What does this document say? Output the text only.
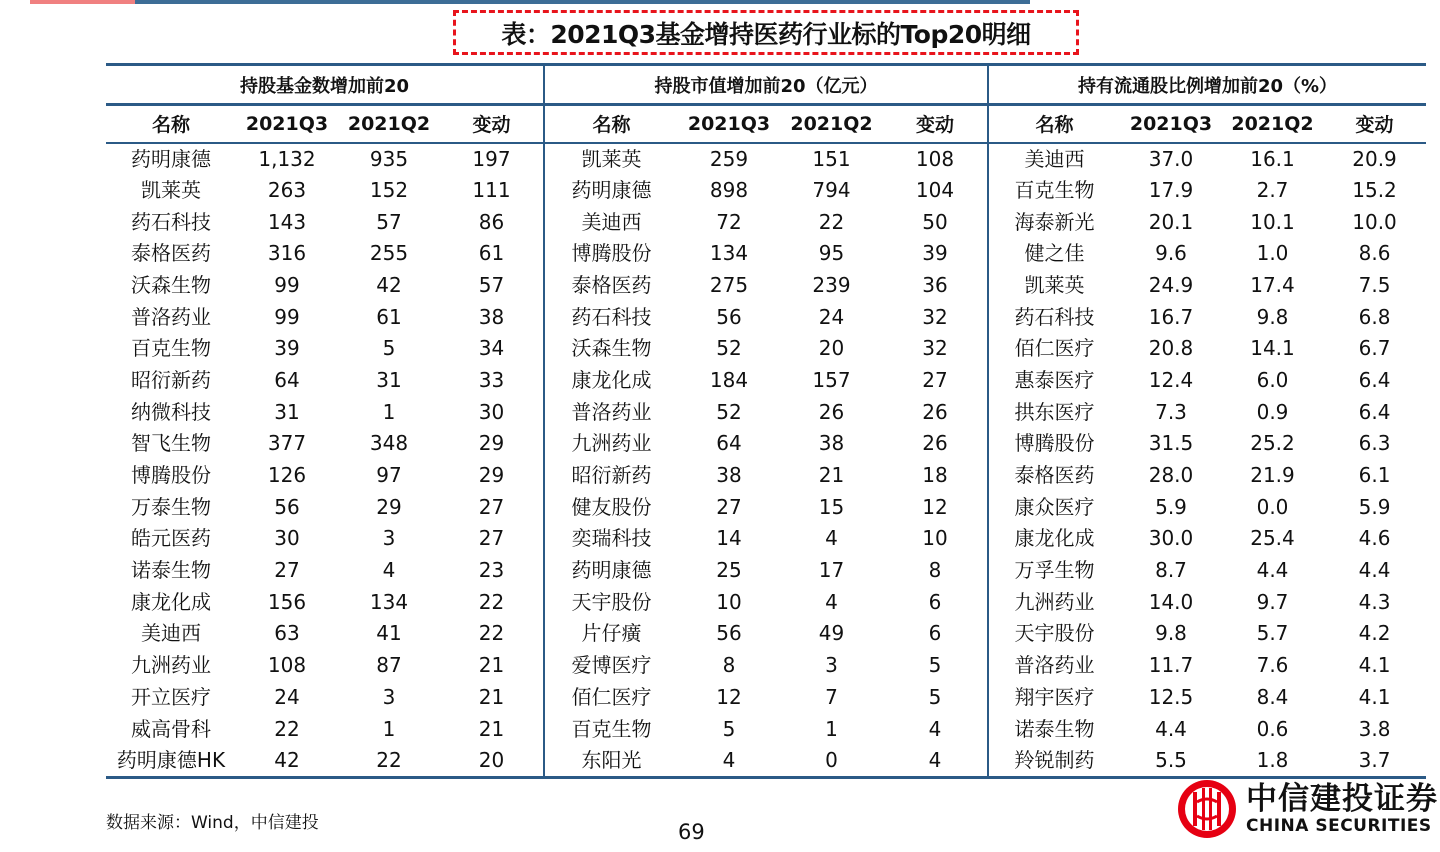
表：2021Q3基金增持医药行业标的Top20明细
持股基金数增加前20				持股市值增加前20（亿元）				持有流通股比例增加前20（%）			
名称	2021Q3	2021Q2	变动	名称	2021Q3	2021Q2	变动	名称	2021Q3	2021Q2	变动
药明康德	1,132	935	197	凯莱英	259	151	108	美迪西	37.0	16.1	20.9
凯莱英	263	152	111	药明康德	898	794	104	百克生物	17.9	2.7	15.2
药石科技	143	57	86	美迪西	72	22	50	海泰新光	20.1	10.1	10.0
泰格医药	316	255	61	博腾股份	134	95	39	健之佳	9.6	1.0	8.6
沃森生物	99	42	57	泰格医药	275	239	36	凯莱英	24.9	17.4	7.5
普洛药业	99	61	38	药石科技	56	24	32	药石科技	16.7	9.8	6.8
百克生物	39	5	34	沃森生物	52	20	32	佰仁医疗	20.8	14.1	6.7
昭衍新药	64	31	33	康龙化成	184	157	27	惠泰医疗	12.4	6.0	6.4
纳微科技	31	1	30	普洛药业	52	26	26	拱东医疗	7.3	0.9	6.4
智飞生物	377	348	29	九洲药业	64	38	26	博腾股份	31.5	25.2	6.3
博腾股份	126	97	29	昭衍新药	38	21	18	泰格医药	28.0	21.9	6.1
万泰生物	56	29	27	健友股份	27	15	12	康众医疗	5.9	0.0	5.9
皓元医药	30	3	27	奕瑞科技	14	4	10	康龙化成	30.0	25.4	4.6
诺泰生物	27	4	23	药明康德	25	17	8	万孚生物	8.7	4.4	4.4
康龙化成	156	134	22	天宇股份	10	4	6	九洲药业	14.0	9.7	4.3
美迪西	63	41	22	片仔癀	56	49	6	天宇股份	9.8	5.7	4.2
九洲药业	108	87	21	爱博医疗	8	3	5	普洛药业	11.7	7.6	4.1
开立医疗	24	3	21	佰仁医疗	12	7	5	翔宇医疗	12.5	8.4	4.1
威高骨科	22	1	21	百克生物	5	1	4	诺泰生物	4.4	0.6	3.8
药明康德HK	42	22	20	东阳光	4	0	4	羚锐制药	5.5	1.8	3.7
数据来源：Wind，中信建投	69
中信建投证券
CHINA SECURITIES
